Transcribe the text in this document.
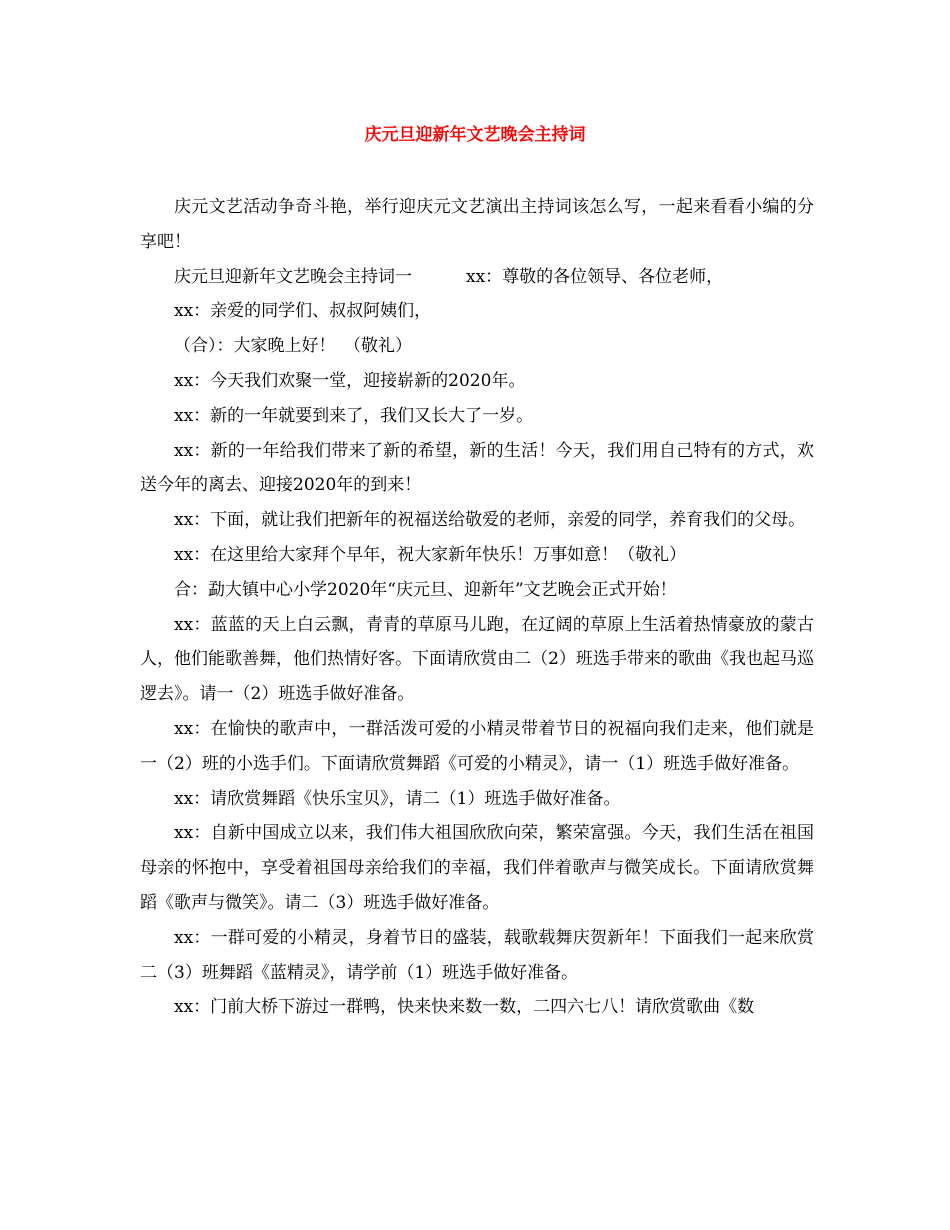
庆元旦迎新年文艺晚会主持词

庆元文艺活动争奇斗艳，举行迎庆元文艺演出主持词该怎么写，一起来看看小编的分享吧！

庆元旦迎新年文艺晚会主持词一	xx：尊敬的各位领导、各位老师，

xx：亲爱的同学们、叔叔阿姨们，

（合）：大家晚上好！　（敬礼）

xx：今天我们欢聚一堂，迎接崭新的2020年。

xx：新的一年就要到来了，我们又长大了一岁。

xx：新的一年给我们带来了新的希望，新的生活！今天，我们用自己特有的方式，欢送今年的离去、迎接2020年的到来！

xx：下面，就让我们把新年的祝福送给敬爱的老师，亲爱的同学，养育我们的父母。

xx：在这里给大家拜个早年，祝大家新年快乐！万事如意！（敬礼）

合：勐大镇中心小学2020年“庆元旦、迎新年”文艺晚会正式开始！

xx：蓝蓝的天上白云飘，青青的草原马儿跑，在辽阔的草原上生活着热情豪放的蒙古人，他们能歌善舞，他们热情好客。下面请欣赏由二（2）班选手带来的歌曲《我也起马巡逻去》。请一（2）班选手做好准备。

xx：在愉快的歌声中，一群活泼可爱的小精灵带着节日的祝福向我们走来，他们就是一（2）班的小选手们。下面请欣赏舞蹈《可爱的小精灵》，请一（1）班选手做好准备。

xx：请欣赏舞蹈《快乐宝贝》，请二（1）班选手做好准备。

xx：自新中国成立以来，我们伟大祖国欣欣向荣，繁荣富强。今天，我们生活在祖国母亲的怀抱中，享受着祖国母亲给我们的幸福，我们伴着歌声与微笑成长。下面请欣赏舞蹈《歌声与微笑》。请二（3）班选手做好准备。

xx：一群可爱的小精灵，身着节日的盛装，载歌载舞庆贺新年！下面我们一起来欣赏二（3）班舞蹈《蓝精灵》，请学前（1）班选手做好准备。

xx：门前大桥下游过一群鸭，快来快来数一数，二四六七八！请欣赏歌曲《数
